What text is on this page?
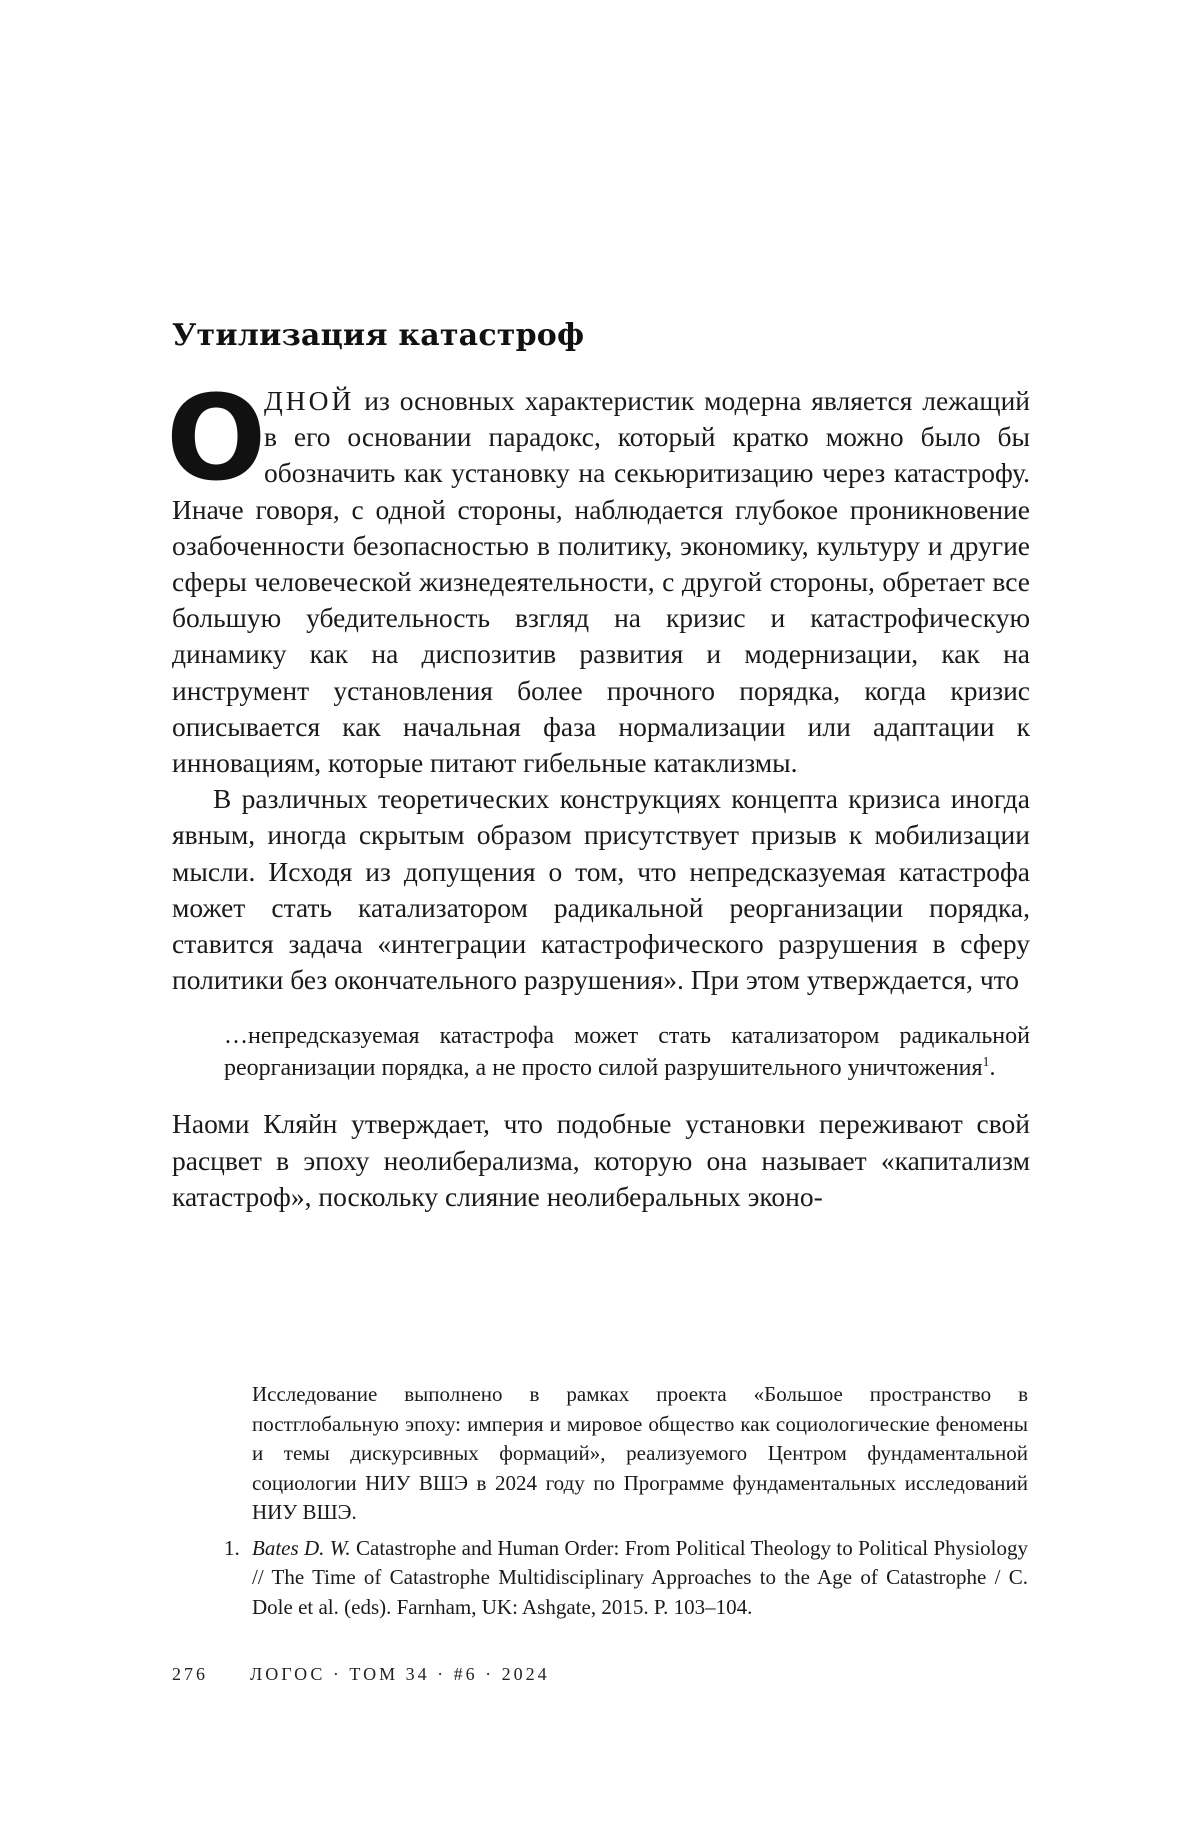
Утилизация катастроф

О
ДНОЙ из основных характеристик модерна является лежащий в его основании парадокс, который кратко можно было бы обозначить как установку на секьюритизацию через катастрофу. Иначе говоря, с одной стороны, наблюдается глубокое проникновение озабоченности безопасностью в политику, экономику, культуру и другие сферы человеческой жизнедеятельности, с другой стороны, обретает все большую убедительность взгляд на кризис и катастрофическую динамику как на диспозитив развития и модернизации, как на инструмент установления более прочного порядка, когда кризис описывается как начальная фаза нормализации или адаптации к инновациям, которые питают гибельные катаклизмы.

В различных теоретических конструкциях концепта кризиса иногда явным, иногда скрытым образом присутствует призыв к мобилизации мысли. Исходя из допущения о том, что непредсказуемая катастрофа может стать катализатором радикальной реорганизации порядка, ставится задача «интеграции катастрофического разрушения в сферу политики без окончательного разрушения». При этом утверждается, что

…непредсказуемая катастрофа может стать катализатором радикальной реорганизации порядка, а не просто силой разрушительного уничтожения$^1$.

Наоми Кляйн утверждает, что подобные установки переживают свой расцвет в эпоху неолиберализма, которую она называет «капитализм катастроф», поскольку слияние неолиберальных эконо-

Исследование выполнено в рамках проекта «Большое пространство в постглобальную эпоху: империя и мировое общество как социологические феномены и темы дискурсивных формаций», реализуемого Центром фундаментальной социологии НИУ ВШЭ в 2024 году по Программе фундаментальных исследований НИУ ВШЭ.

1. Bates D. W. Catastrophe and Human Order: From Political Theology to Political Physiology // The Time of Catastrophe Multidisciplinary Approaches to the Age of Catastrophe / C. Dole et al. (eds). Farnham, UK: Ashgate, 2015. P. 103–104.

276 ЛОГОС · ТОМ 34 · #6 · 2024
